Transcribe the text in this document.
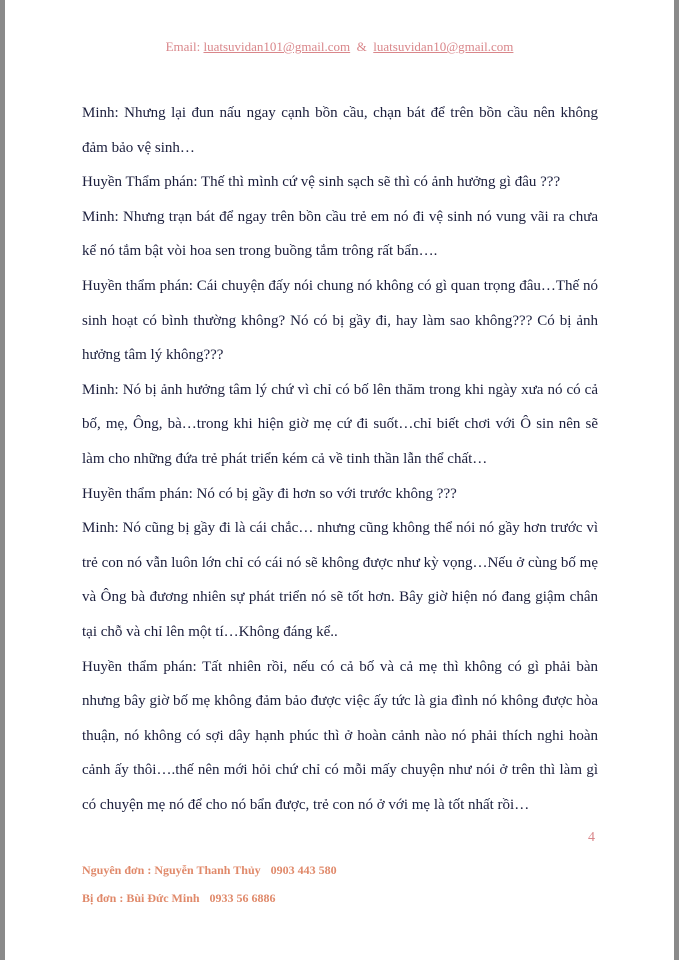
Email: luatsuvidan101@gmail.com & luatsuvidan10@gmail.com

Minh: Nhưng lại đun nấu ngay cạnh bồn cầu, chạn bát để trên bồn cầu nên không đảm bảo vệ sinh…

Huyền Thẩm phán: Thế thì mình cứ vệ sinh sạch sẽ thì có ảnh hưởng gì đâu ???

Minh: Nhưng trạn bát để ngay trên bồn cầu trẻ em nó đi vệ sinh nó vung vãi ra chưa kể nó tắm bật vòi hoa sen trong buồng tắm trông rất bẩn….

Huyền thẩm phán: Cái chuyện đấy nói chung nó không có gì quan trọng đâu…Thế nó sinh hoạt có bình thường không? Nó có bị gầy đi, hay làm sao không??? Có bị ảnh hưởng tâm lý không???

Minh: Nó bị ảnh hưởng tâm lý chứ vì chỉ có bố lên thăm trong khi ngày xưa nó có cả bố, mẹ, Ông, bà…trong khi hiện giờ mẹ cứ đi suốt…chỉ biết chơi với Ô sin nên sẽ làm cho những đứa trẻ phát triển kém cả về tinh thần lẫn thể chất…

Huyền thẩm phán: Nó có bị gầy đi hơn so với trước không ???

Minh: Nó cũng bị gầy đi là cái chắc… nhưng cũng không thể nói nó gầy hơn trước vì trẻ con nó vẫn luôn lớn chỉ có cái nó sẽ không được như kỳ vọng…Nếu ở cùng bố mẹ và Ông bà đương nhiên sự phát triển nó sẽ tốt hơn. Bây giờ hiện nó đang giậm chân tại chỗ và chỉ lên một tí…Không đáng kể..

Huyền thẩm phán: Tất nhiên rồi, nếu có cả bố và cả mẹ thì không có gì phải bàn nhưng bây giờ bố mẹ không đảm bảo được việc ấy tức là gia đình nó không được hòa thuận, nó không có sợi dây hạnh phúc thì ở hoàn cảnh nào nó phải thích nghi hoàn cảnh ấy thôi….thế nên mới hỏi chứ chỉ có mỗi mấy chuyện như nói ở trên thì làm gì có chuyện mẹ nó để cho nó bẩn được, trẻ con nó ở với mẹ là tốt nhất rồi…

4
Nguyên đơn : Nguyễn Thanh Thủy 0903 443 580
Bị đơn : Bùi Đức Minh 0933 56 6886
